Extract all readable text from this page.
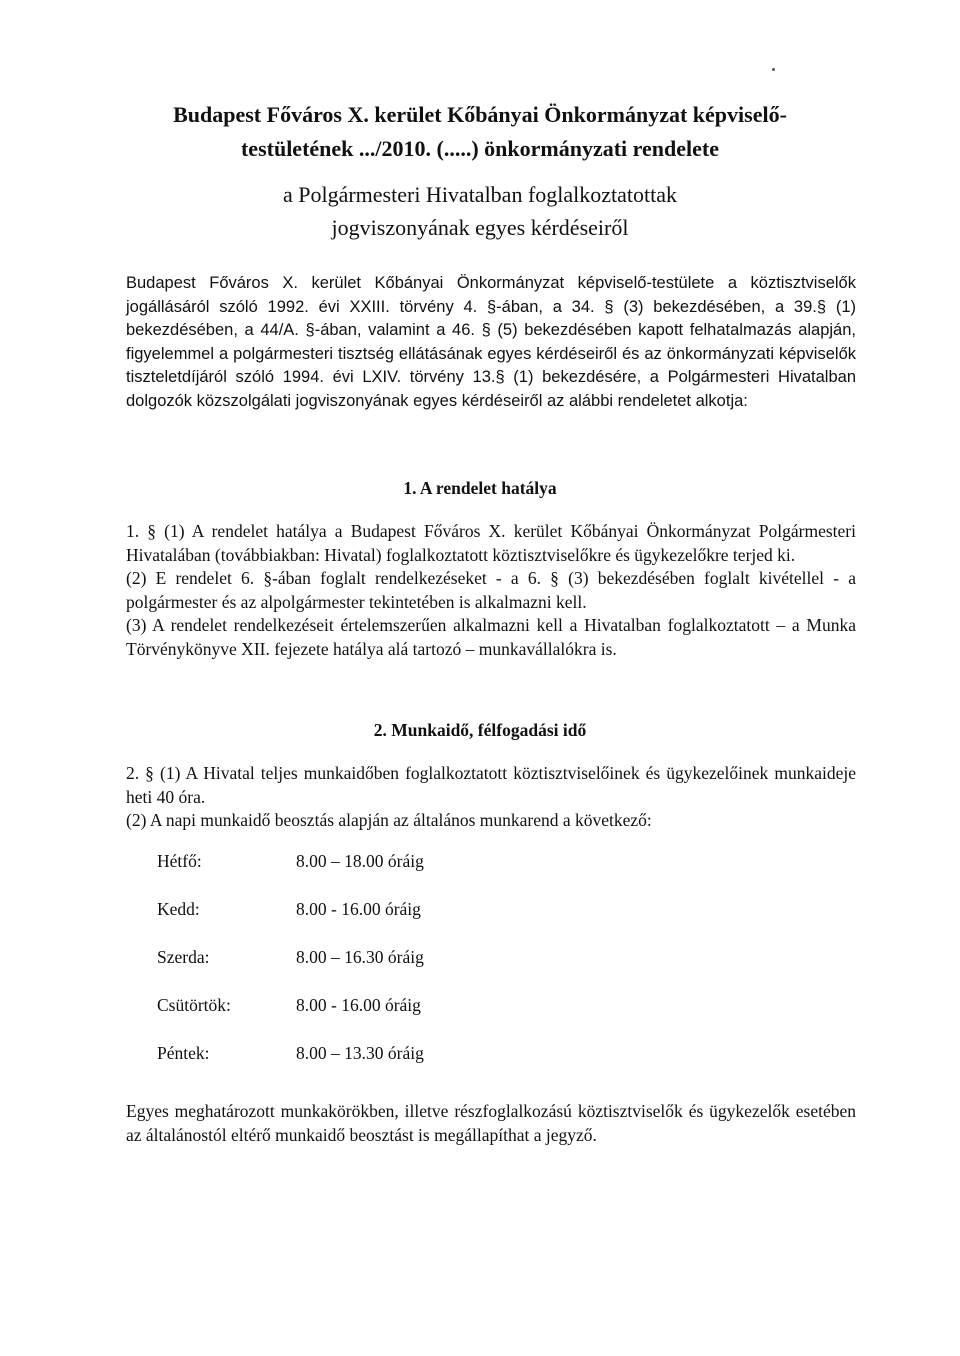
Budapest Főváros X. kerület Kőbányai Önkormányzat képviselő-
testületének .../2010. (.....) önkormányzati rendelete
a Polgármesteri Hivatalban foglalkoztatottak
jogviszonyának egyes kérdéseiről

Budapest Főváros X. kerület Kőbányai Önkormányzat képviselő-testülete a köztisztviselők jogállásáról szóló 1992. évi XXIII. törvény 4. §-ában, a 34. § (3) bekezdésében, a 39.§ (1) bekezdésében, a 44/A. §-ában, valamint a 46. § (5) bekezdésében kapott felhatalmazás alapján, figyelemmel a polgármesteri tisztség ellátásának egyes kérdéseiről és az önkormányzati képviselők tiszteletdíjáról szóló 1994. évi LXIV. törvény 13.§ (1) bekezdésére, a Polgármesteri Hivatalban dolgozók közszolgálati jogviszonyának egyes kérdéseiről az alábbi rendeletet alkotja:

1. A rendelet hatálya

1. § (1) A rendelet hatálya a Budapest Főváros X. kerület Kőbányai Önkormányzat Polgármesteri Hivatalában (továbbiakban: Hivatal) foglalkoztatott köztisztviselőkre és ügykezelőkre terjed ki.

(2) E rendelet 6. §-ában foglalt rendelkezéseket - a 6. § (3) bekezdésében foglalt kivétellel - a polgármester és az alpolgármester tekintetében is alkalmazni kell.

(3) A rendelet rendelkezéseit értelemszerűen alkalmazni kell a Hivatalban foglalkoztatott – a Munka Törvénykönyve XII. fejezete hatálya alá tartozó – munkavállalókra is.

2. Munkaidő, félfogadási idő

2. § (1) A Hivatal teljes munkaidőben foglalkoztatott köztisztviselőinek és ügykezelőinek munkaideje heti 40 óra.

(2) A napi munkaidő beosztás alapján az általános munkarend a következő:

Hétfő:	8.00 – 18.00 óráig
Kedd:	8.00 - 16.00 óráig
Szerda:	8.00 – 16.30 óráig
Csütörtök:	8.00 - 16.00 óráig
Péntek:	8.00 – 13.30 óráig

Egyes meghatározott munkakörökben, illetve részfoglalkozású köztisztviselők és ügykezelők esetében az általánostól eltérő munkaidő beosztást is megállapíthat a jegyző.
